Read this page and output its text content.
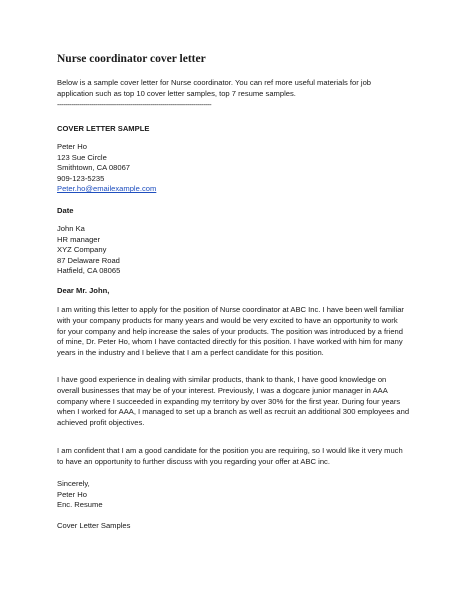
Nurse coordinator cover letter
Below is a sample cover letter for Nurse coordinator. You can ref more useful materials for job
application such as top 10 cover letter samples, top 7 resume samples.
----------------------------------------------------------------------------
COVER LETTER SAMPLE
Peter Ho
123 Sue Circle
Smithtown, CA 08067
909-123-5235
Peter.ho@emailexample.com
Date
John Ka
HR manager
XYZ Company
87 Delaware Road
Hatfield, CA 08065
Dear Mr. John,
I am writing this letter to apply for the position of Nurse coordinator at ABC Inc. I have been well familiar
with your company products for many years and would be very excited to have an opportunity to work
for your company and help increase the sales of your products. The position was introduced by a friend
of mine, Dr. Peter Ho, whom I have contacted directly for this position. I have worked with him for many
years in the industry and I believe that I am a perfect candidate for this position.
I have good experience in dealing with similar products, thank to thank, I have good knowledge on
overall businesses that may be of your interest. Previously, I was a dogcare junior manager in AAA
company where I succeeded in expanding my territory by over 30% for the first year. During four years
when I worked for AAA, I managed to set up a branch as well as recruit an additional 300 employees and
achieved profit objectives.
I am confident that I am a good candidate for the position you are requiring, so I would like it very much
to have an opportunity to further discuss with you regarding your offer at ABC inc.
Sincerely,
Peter Ho
Enc. Resume
Cover Letter Samples
